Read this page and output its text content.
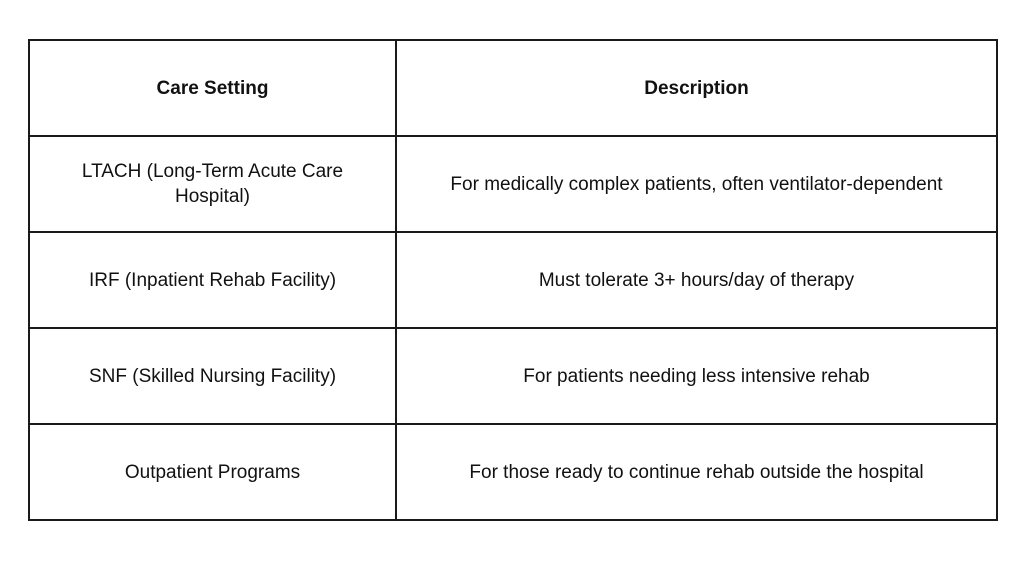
Care Setting	Description
LTACH (Long-Term Acute Care Hospital)	For medically complex patients, often ventilator-dependent
IRF (Inpatient Rehab Facility)	Must tolerate 3+ hours/day of therapy
SNF (Skilled Nursing Facility)	For patients needing less intensive rehab
Outpatient Programs	For those ready to continue rehab outside the hospital
